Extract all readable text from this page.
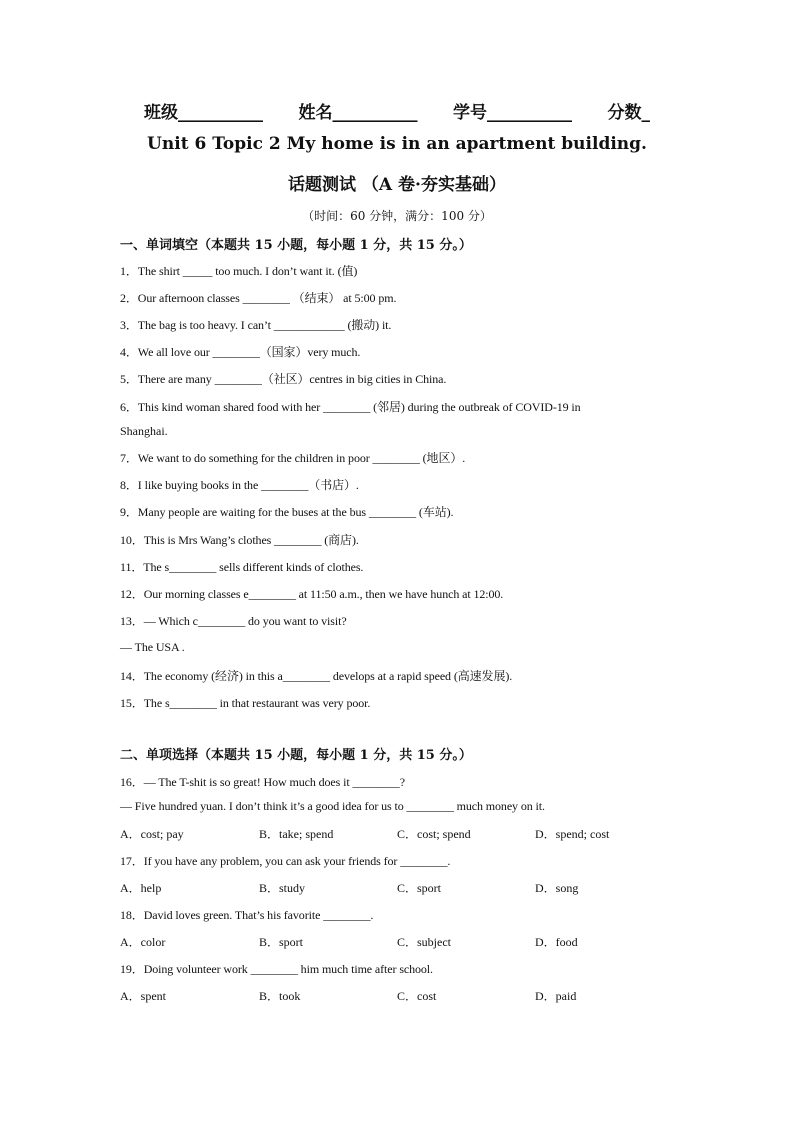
班级__________      姓名__________      学号__________      分数_
Unit 6 Topic 2 My home is in an apartment building.
话题测试 （A 卷·夯实基础）
（时间：60 分钟，满分：100 分）
一、单词填空（本题共 15 小题，每小题 1 分，共 15 分。）
1．The shirt _____ too much. I don’t want it. (值)
2．Our afternoon classes ________ （结束） at 5:00 pm.
3．The bag is too heavy. I can’t ____________ (搬动) it.
4．We all love our ________（国家）very much.
5．There are many ________（社区）centres in big cities in China.
6．This kind woman shared food with her ________ (邻居) during the outbreak of COVID-19 in
Shanghai.
7．We want to do something for the children in poor ________ (地区）.
8．I like buying books in the ________（书店）.
9．Many people are waiting for the buses at the bus ________ (车站).
10．This is Mrs Wang’s clothes ________ (商店).
11．The s________ sells different kinds of clothes.
12．Our morning classes e________ at 11:50 a.m., then we have hunch at 12:00.
13．— Which c________ do you want to visit?
— The USA .
14．The economy (经济) in this a________ develops at a rapid speed (高速发展).
15．The s________ in that restaurant was very poor.
二、单项选择（本题共 15 小题，每小题 1 分，共 15 分。）
16．— The T-shit is so great! How much does it ________?
— Five hundred yuan. I don’t think it’s a good idea for us to ________ much money on it.
A．cost; pay	B．take; spend	C．cost; spend	D．spend; cost
17．If you have any problem, you can ask your friends for ________.
A．help	B．study	C．sport	D．song
18．David loves green. That’s his favorite ________.
A．color	B．sport	C．subject	D．food
19．Doing volunteer work ________ him much time after school.
A．spent	B．took	C．cost	D．paid
